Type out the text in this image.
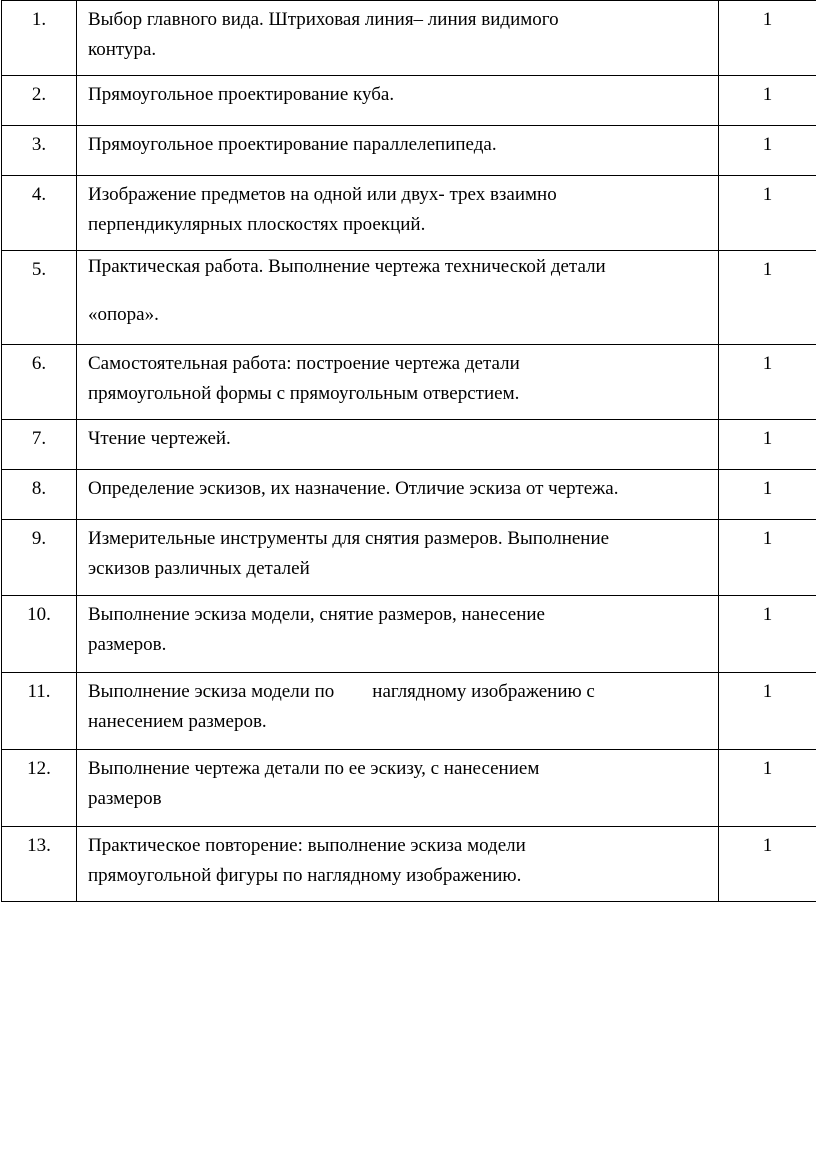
1.	Выбор главного вида. Штриховая линия– линия видимого
контура.	1
2.	Прямоугольное проектирование куба.	1
3.	Прямоугольное проектирование параллелепипеда.	1
4.	Изображение предметов на одной или двух- трех взаимно
перпендикулярных плоскостях проекций.	1
5.	Практическая работа. Выполнение чертежа технической детали

«опора».	1
6.	Самостоятельная работа: построение чертежа детали
прямоугольной формы с прямоугольным отверстием.	1
7.	Чтение чертежей.	1
8.	Определение эскизов, их назначение. Отличие эскиза от чертежа.	1
9.	Измерительные инструменты для снятия размеров. Выполнение
эскизов различных деталей	1
10.	Выполнение эскиза модели, снятие размеров, нанесение
размеров.	1
11.	Выполнение эскиза модели по        наглядному изображению с
нанесением размеров.	1
12.	Выполнение чертежа детали по ее эскизу, с нанесением
размеров	1
13.	Практическое повторение: выполнение эскиза модели
прямоугольной фигуры по наглядному изображению.	1
